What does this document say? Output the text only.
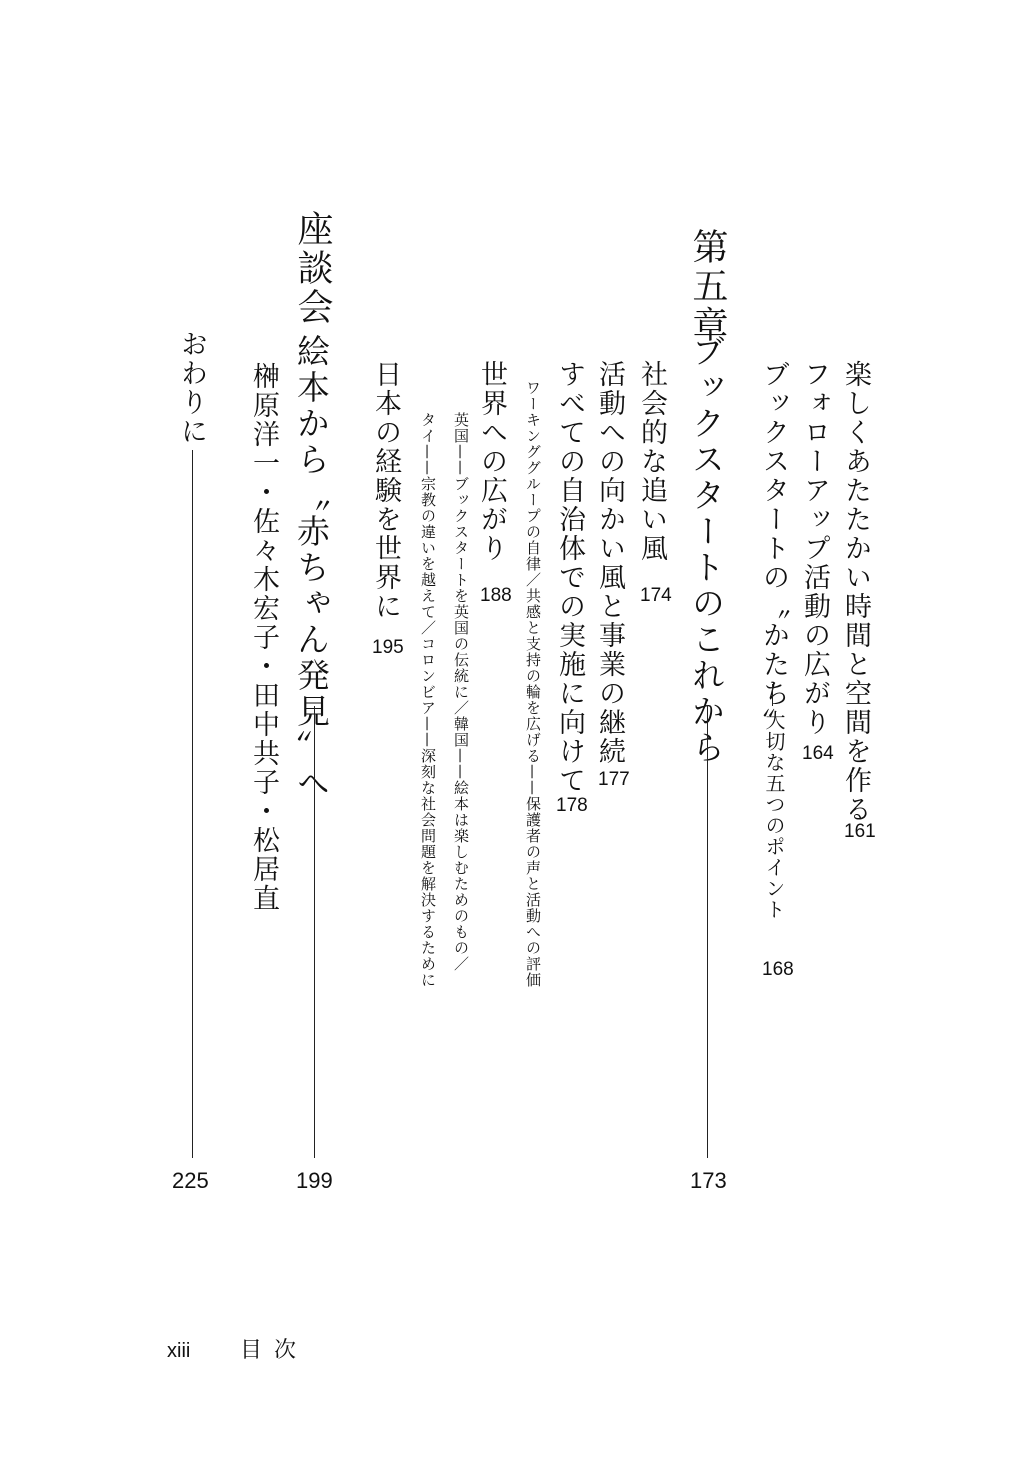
楽しくあたたかい時間と空間を作る
161
フォローアップ活動の広がり
164
ブックスタートの〝かたち〟
大切な五つのポイント
168
第五章
ブックスタートのこれから
173
社会的な追い風
174
活動への向かい風と事業の継続
177
すべての自治体での実施に向けて
178
ワーキンググループの自律／共感と支持の輪を広げる——保護者の声と活動への評価
世界への広がり
188
英国——ブックスタートを英国の伝統に／韓国——絵本は楽しむためのもの／
タイ——宗教の違いを越えて／コロンビア——深刻な社会問題を解決するために
日本の経験を世界に
195
座談会
絵本から〝赤ちゃん発見〟へ
199
榊原洋一・佐々木宏子・田中共子・松居直
おわりに
225
xiii 目次
